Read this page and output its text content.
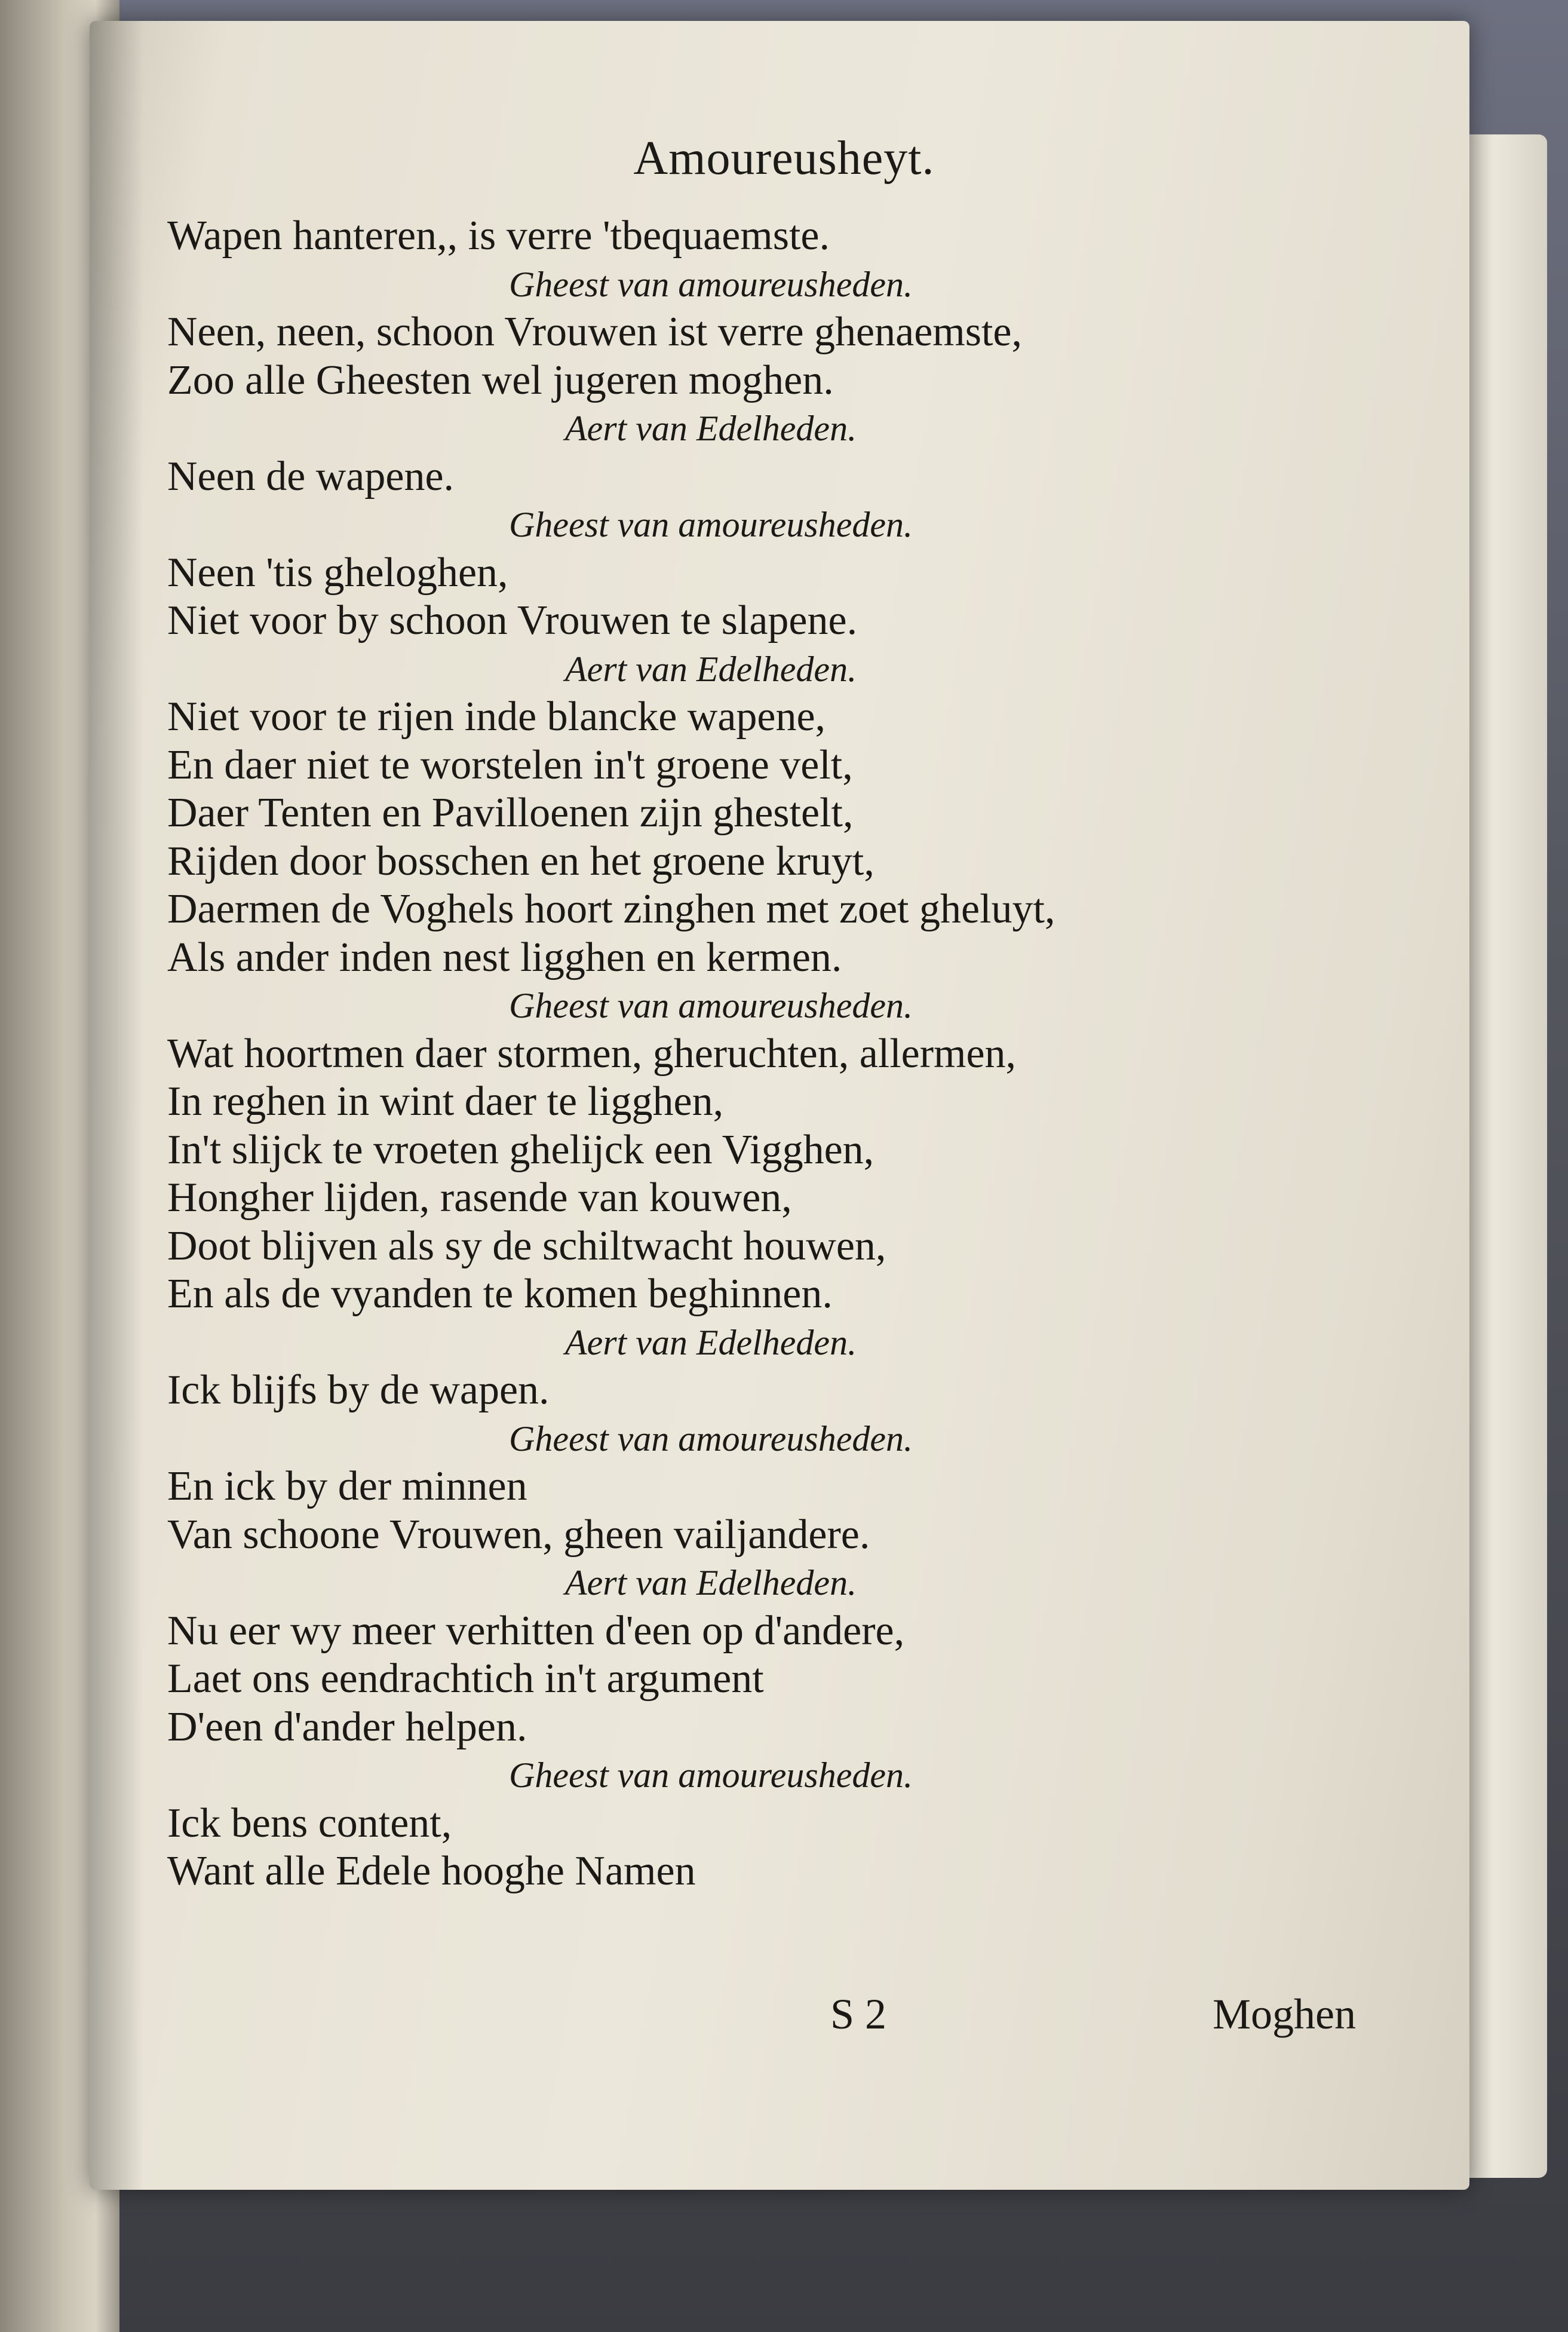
Amoureusheyt.
Wapen hanteren,, is verre 'tbequaemste.
Gheest van amoureusheden.
Neen, neen, schoon Vrouwen ist verre ghenaemste,
Zoo alle Gheesten wel jugeren moghen.
Aert van Edelheden.
Neen de wapene.
Gheest van amoureusheden.
Neen 'tis gheloghen,
Niet voor by schoon Vrouwen te slapene.
Aert van Edelheden.
Niet voor te rijen inde blancke wapene,
En daer niet te worstelen in't groene velt,
Daer Tenten en Pavilloenen zijn ghestelt,
Rijden door bosschen en het groene kruyt,
Daermen de Voghels hoort zinghen met zoet gheluyt,
Als ander inden nest ligghen en kermen.
Gheest van amoureusheden.
Wat hoortmen daer stormen, gheruchten, allermen,
In reghen in wint daer te ligghen,
In't slijck te vroeten ghelijck een Vigghen,
Hongher lijden, rasende van kouwen,
Doot blijven als sy de schiltwacht houwen,
En als de vyanden te komen beghinnen.
Aert van Edelheden.
Ick blijfs by de wapen.
Gheest van amoureusheden.
En ick by der minnen
Van schoone Vrouwen, gheen vailjandere.
Aert van Edelheden.
Nu eer wy meer verhitten d'een op d'andere,
Laet ons eendrachtich in't argument
D'een d'ander helpen.
Gheest van amoureusheden.
Ick bens content,
Want alle Edele hooghe Namen
S 2	Moghen
